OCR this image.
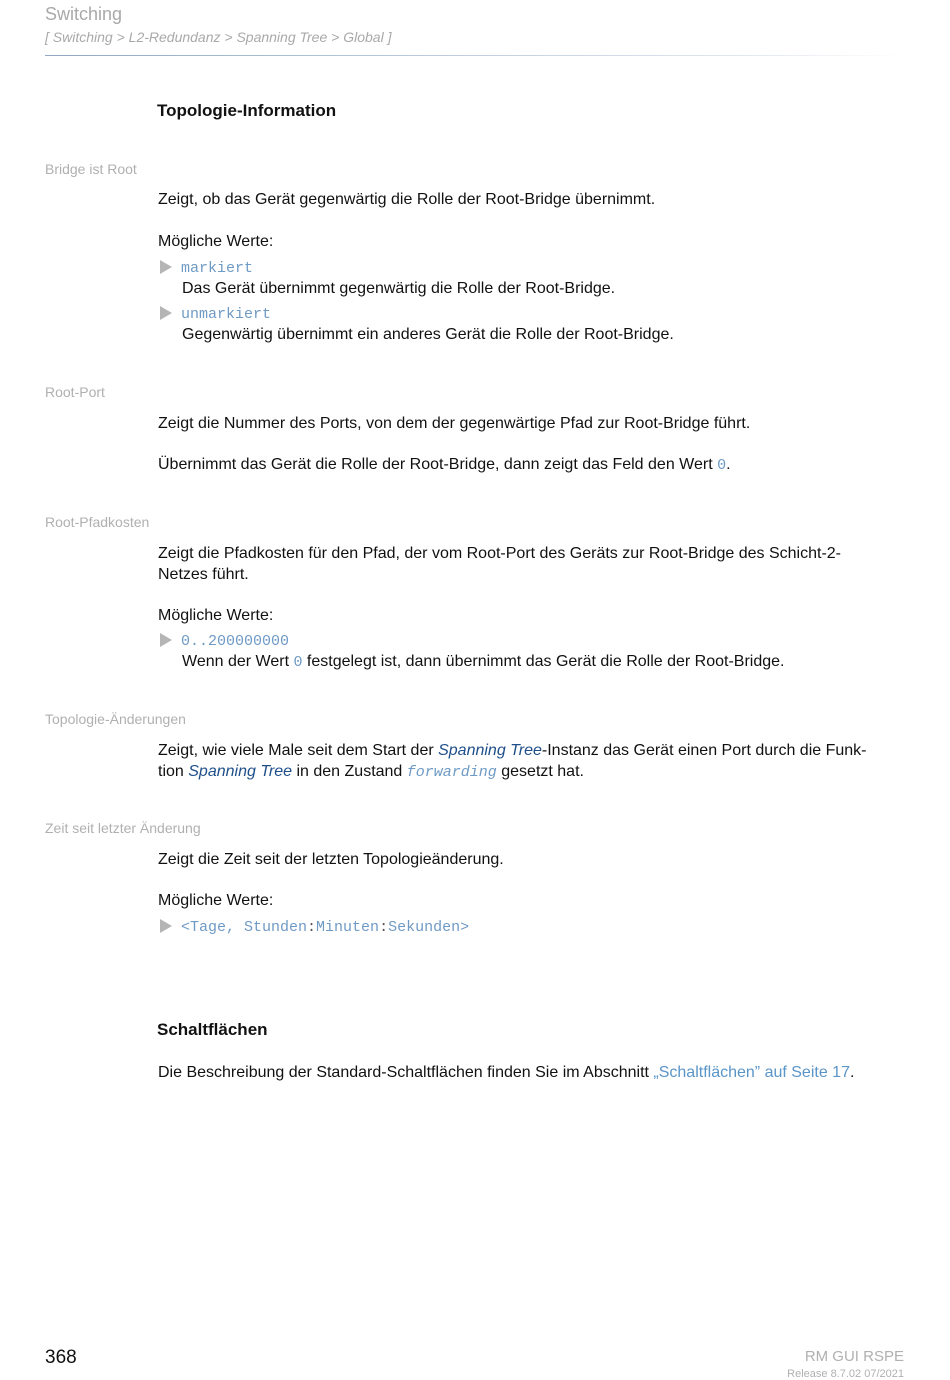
Switching
[ Switching > L2-Redundanz > Spanning Tree > Global ]
Topologie-Information
Bridge ist Root
Zeigt, ob das Gerät gegenwärtig die Rolle der Root-Bridge übernimmt.
Mögliche Werte:
markiert
Das Gerät übernimmt gegenwärtig die Rolle der Root-Bridge.
unmarkiert
Gegenwärtig übernimmt ein anderes Gerät die Rolle der Root-Bridge.
Root-Port
Zeigt die Nummer des Ports, von dem der gegenwärtige Pfad zur Root-Bridge führt.
Übernimmt das Gerät die Rolle der Root-Bridge, dann zeigt das Feld den Wert 0.
Root-Pfadkosten
Zeigt die Pfadkosten für den Pfad, der vom Root-Port des Geräts zur Root-Bridge des Schicht-2-
Netzes führt.
Mögliche Werte:
0..200000000
Wenn der Wert 0 festgelegt ist, dann übernimmt das Gerät die Rolle der Root-Bridge.
Topologie-Änderungen
Zeigt, wie viele Male seit dem Start der Spanning Tree-Instanz das Gerät einen Port durch die Funk-
tion Spanning Tree in den Zustand forwarding gesetzt hat.
Zeit seit letzter Änderung
Zeigt die Zeit seit der letzten Topologieänderung.
Mögliche Werte:
<Tage, Stunden:Minuten:Sekunden>
Schaltflächen
Die Beschreibung der Standard-Schaltflächen finden Sie im Abschnitt „Schaltflächen” auf Seite 17.
368	RM GUI RSPE
Release 8.7.02 07/2021
